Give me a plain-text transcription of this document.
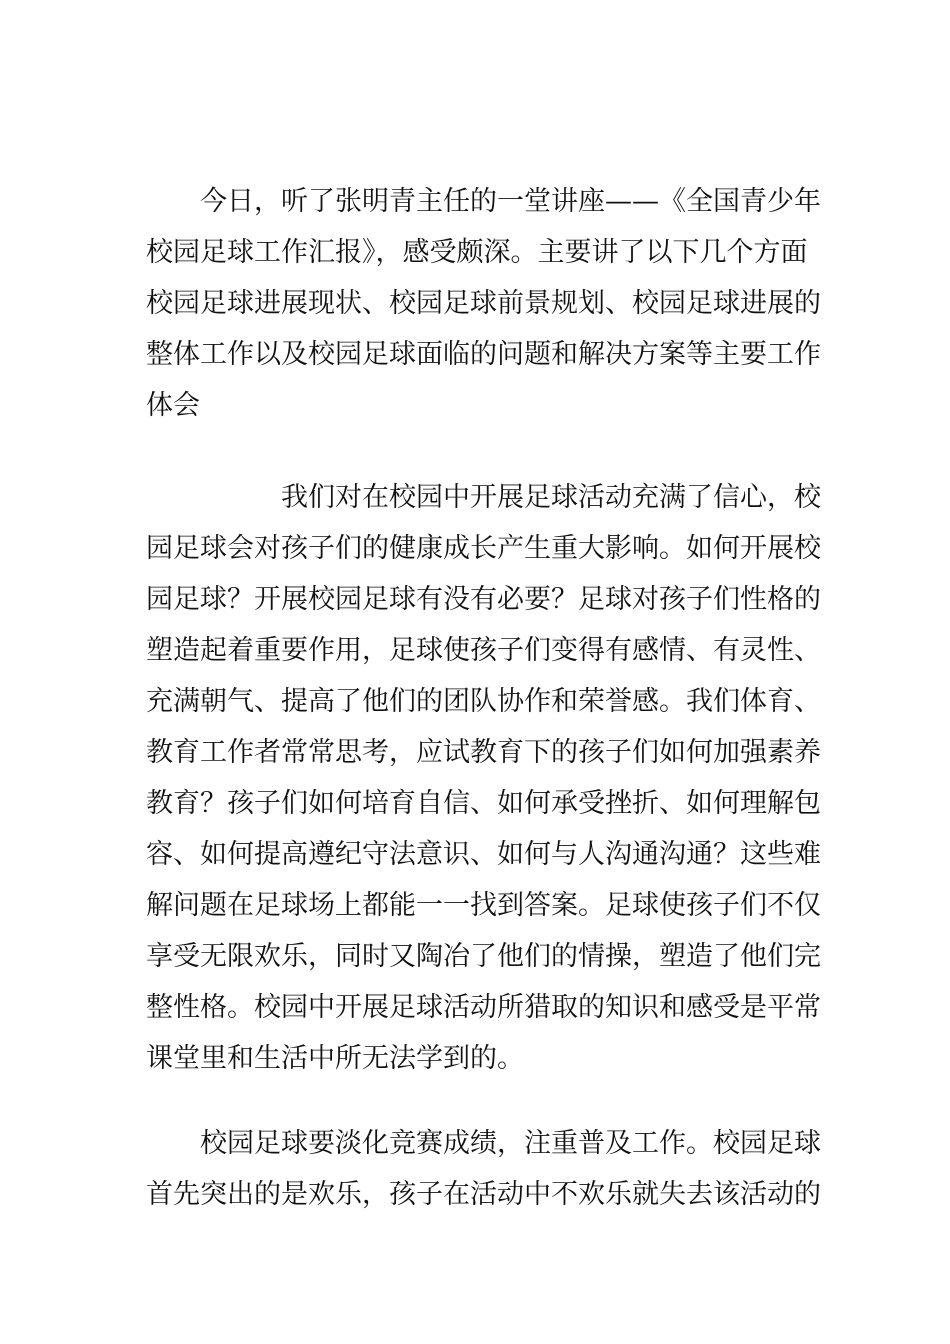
　　今日，听了张明青主任的一堂讲座——《全国青少年
校园足球工作汇报》，感受颇深。主要讲了以下几个方面
校园足球进展现状、校园足球前景规划、校园足球进展的
整体工作以及校园足球面临的问题和解决方案等主要工作
体会
　　　　　我们对在校园中开展足球活动充满了信心，校
园足球会对孩子们的健康成长产生重大影响。如何开展校
园足球？开展校园足球有没有必要？足球对孩子们性格的
塑造起着重要作用，足球使孩子们变得有感情、有灵性、
充满朝气、提高了他们的团队协作和荣誉感。我们体育、
教育工作者常常思考，应试教育下的孩子们如何加强素养
教育？孩子们如何培育自信、如何承受挫折、如何理解包
容、如何提高遵纪守法意识、如何与人沟通沟通？这些难
解问题在足球场上都能一一找到答案。足球使孩子们不仅
享受无限欢乐，同时又陶冶了他们的情操，塑造了他们完
整性格。校园中开展足球活动所猎取的知识和感受是平常
课堂里和生活中所无法学到的。
　　校园足球要淡化竞赛成绩，注重普及工作。校园足球
首先突出的是欢乐，孩子在活动中不欢乐就失去该活动的
